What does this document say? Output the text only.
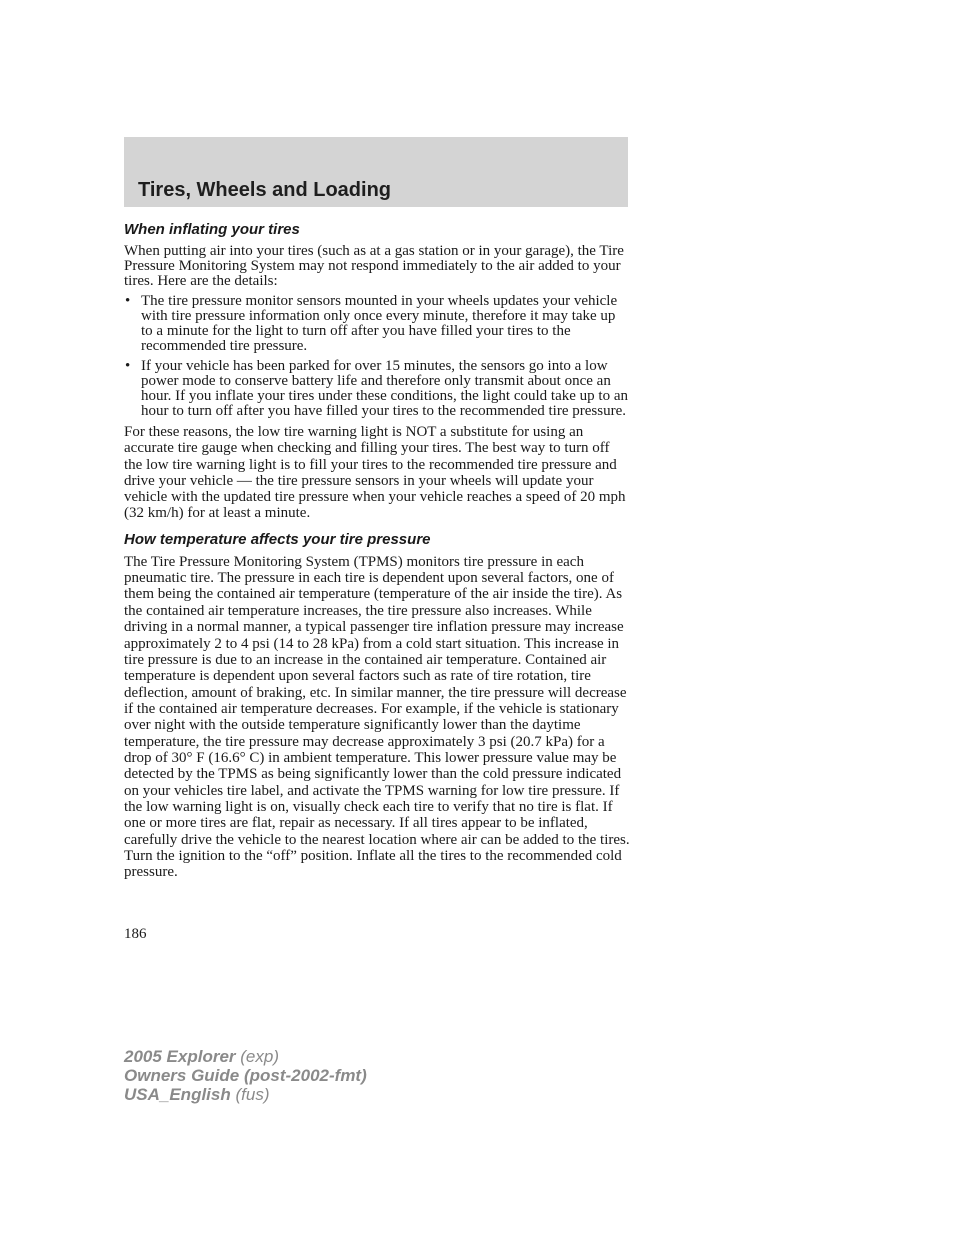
Tires, Wheels and Loading
When inflating your tires

When putting air into your tires (such as at a gas station or in your garage), the Tire Pressure Monitoring System may not respond immediately to the air added to your tires. Here are the details:

• The tire pressure monitor sensors mounted in your wheels updates your vehicle with tire pressure information only once every minute, therefore it may take up to a minute for the light to turn off after you have filled your tires to the recommended tire pressure.
• If your vehicle has been parked for over 15 minutes, the sensors go into a low power mode to conserve battery life and therefore only transmit about once an hour. If you inflate your tires under these conditions, the light could take up to an hour to turn off after you have filled your tires to the recommended tire pressure.

For these reasons, the low tire warning light is NOT a substitute for using an accurate tire gauge when checking and filling your tires. The best way to turn off the low tire warning light is to fill your tires to the recommended tire pressure and drive your vehicle — the tire pressure sensors in your wheels will update your vehicle with the updated tire pressure when your vehicle reaches a speed of 20 mph (32 km/h) for at least a minute.

How temperature affects your tire pressure

The Tire Pressure Monitoring System (TPMS) monitors tire pressure in each pneumatic tire. The pressure in each tire is dependent upon several factors, one of them being the contained air temperature (temperature of the air inside the tire). As the contained air temperature increases, the tire pressure also increases. While driving in a normal manner, a typical passenger tire inflation pressure may increase approximately 2 to 4 psi (14 to 28 kPa) from a cold start situation. This increase in tire pressure is due to an increase in the contained air temperature. Contained air temperature is dependent upon several factors such as rate of tire rotation, tire deflection, amount of braking, etc. In similar manner, the tire pressure will decrease if the contained air temperature decreases. For example, if the vehicle is stationary over night with the outside temperature significantly lower than the daytime temperature, the tire pressure may decrease approximately 3 psi (20.7 kPa) for a drop of 30° F (16.6° C) in ambient temperature. This lower pressure value may be detected by the TPMS as being significantly lower than the cold pressure indicated on your vehicles tire label, and activate the TPMS warning for low tire pressure. If the low warning light is on, visually check each tire to verify that no tire is flat. If one or more tires are flat, repair as necessary. If all tires appear to be inflated, carefully drive the vehicle to the nearest location where air can be added to the tires. Turn the ignition to the “off” position. Inflate all the tires to the recommended cold pressure.

186

2005 Explorer (exp)
Owners Guide (post-2002-fmt)
USA_English (fus)
